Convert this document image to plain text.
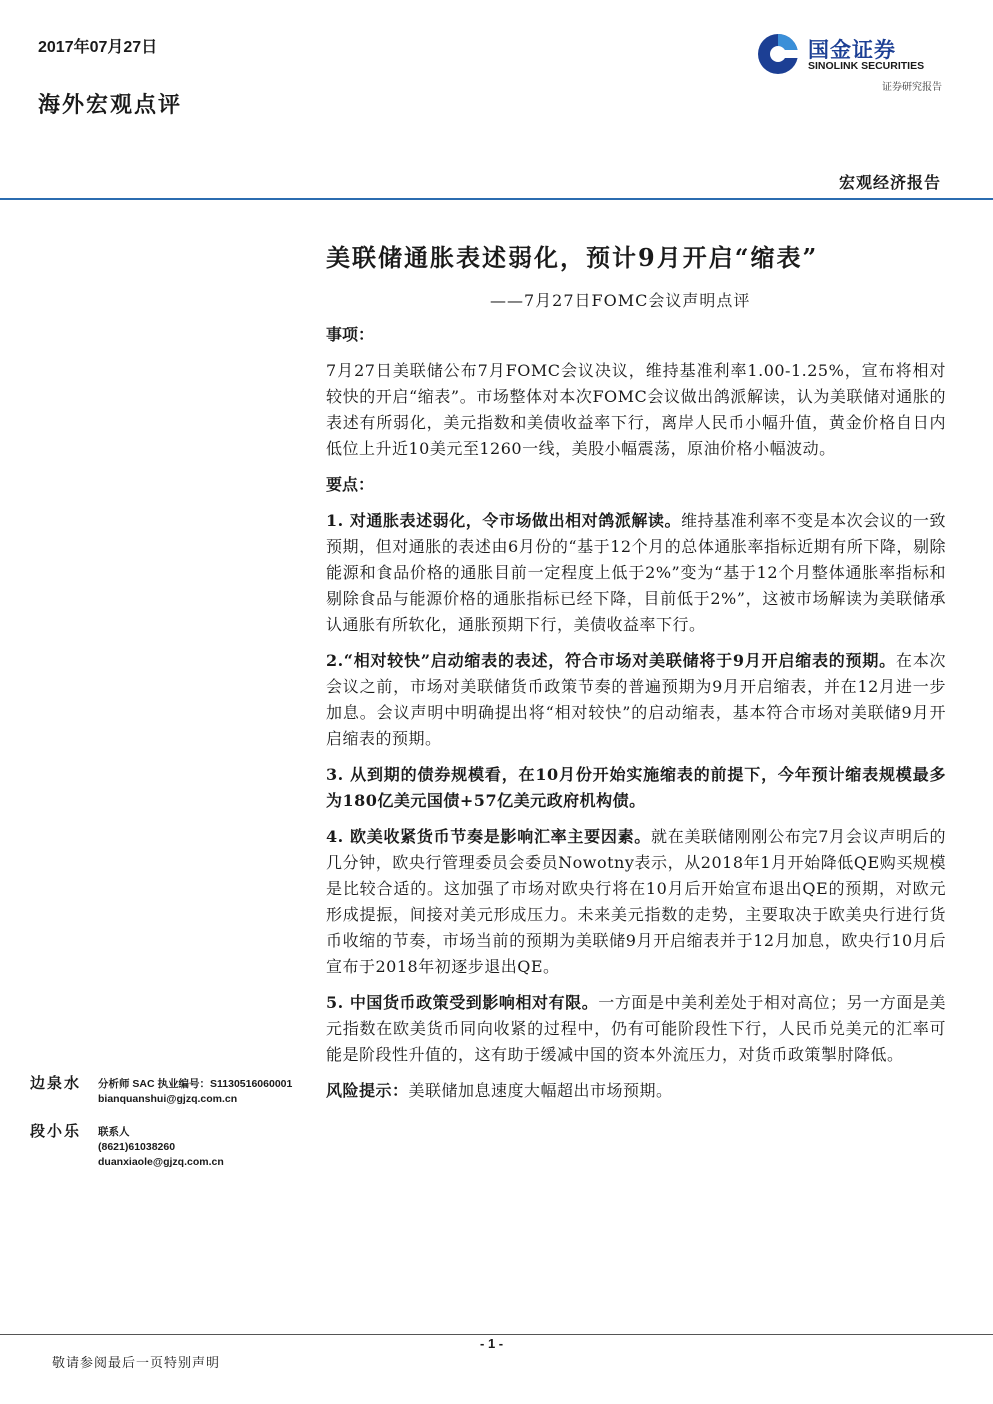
2017年07月27日
海外宏观点评
国金证券
SINOLINK SECURITIES
证券研究报告
宏观经济报告
美联储通胀表述弱化，预计9月开启“缩表”
——7月27日FOMC会议声明点评
事项：
7月27日美联储公布7月FOMC会议决议，维持基准利率1.00-1.25%，宣布将相对较快的开启“缩表”。市场整体对本次FOMC会议做出鸽派解读，认为美联储对通胀的表述有所弱化，美元指数和美债收益率下行，离岸人民币小幅升值，黄金价格自日内低位上升近10美元至1260一线，美股小幅震荡，原油价格小幅波动。
要点：
1. 对通胀表述弱化，令市场做出相对鸽派解读。维持基准利率不变是本次会议的一致预期，但对通胀的表述由6月份的“基于12个月的总体通胀率指标近期有所下降，剔除能源和食品价格的通胀目前一定程度上低于2%”变为“基于12个月整体通胀率指标和剔除食品与能源价格的通胀指标已经下降，目前低于2%”，这被市场解读为美联储承认通胀有所软化，通胀预期下行，美债收益率下行。
2.“相对较快”启动缩表的表述，符合市场对美联储将于9月开启缩表的预期。在本次会议之前，市场对美联储货币政策节奏的普遍预期为9月开启缩表，并在12月进一步加息。会议声明中明确提出将“相对较快”的启动缩表，基本符合市场对美联储9月开启缩表的预期。
3. 从到期的债券规模看，在10月份开始实施缩表的前提下，今年预计缩表规模最多为180亿美元国债+57亿美元政府机构债。
4. 欧美收紧货币节奏是影响汇率主要因素。就在美联储刚刚公布完7月会议声明后的几分钟，欧央行管理委员会委员Nowotny表示，从2018年1月开始降低QE购买规模是比较合适的。这加强了市场对欧央行将在10月后开始宣布退出QE的预期，对欧元形成提振，间接对美元形成压力。未来美元指数的走势，主要取决于欧美央行进行货币收缩的节奏，市场当前的预期为美联储9月开启缩表并于12月加息，欧央行10月后宣布于2018年初逐步退出QE。
5. 中国货币政策受到影响相对有限。一方面是中美利差处于相对高位；另一方面是美元指数在欧美货币同向收紧的过程中，仍有可能阶段性下行，人民币兑美元的汇率可能是阶段性升值的，这有助于缓减中国的资本外流压力，对货币政策掣肘降低。
风险提示：美联储加息速度大幅超出市场预期。
边泉水 分析师 SAC 执业编号：S1130516060001
bianquanshui@gjzq.com.cn
段小乐 联系人
(8621)61038260
duanxiaole@gjzq.com.cn
- 1 -
敬请参阅最后一页特别声明
